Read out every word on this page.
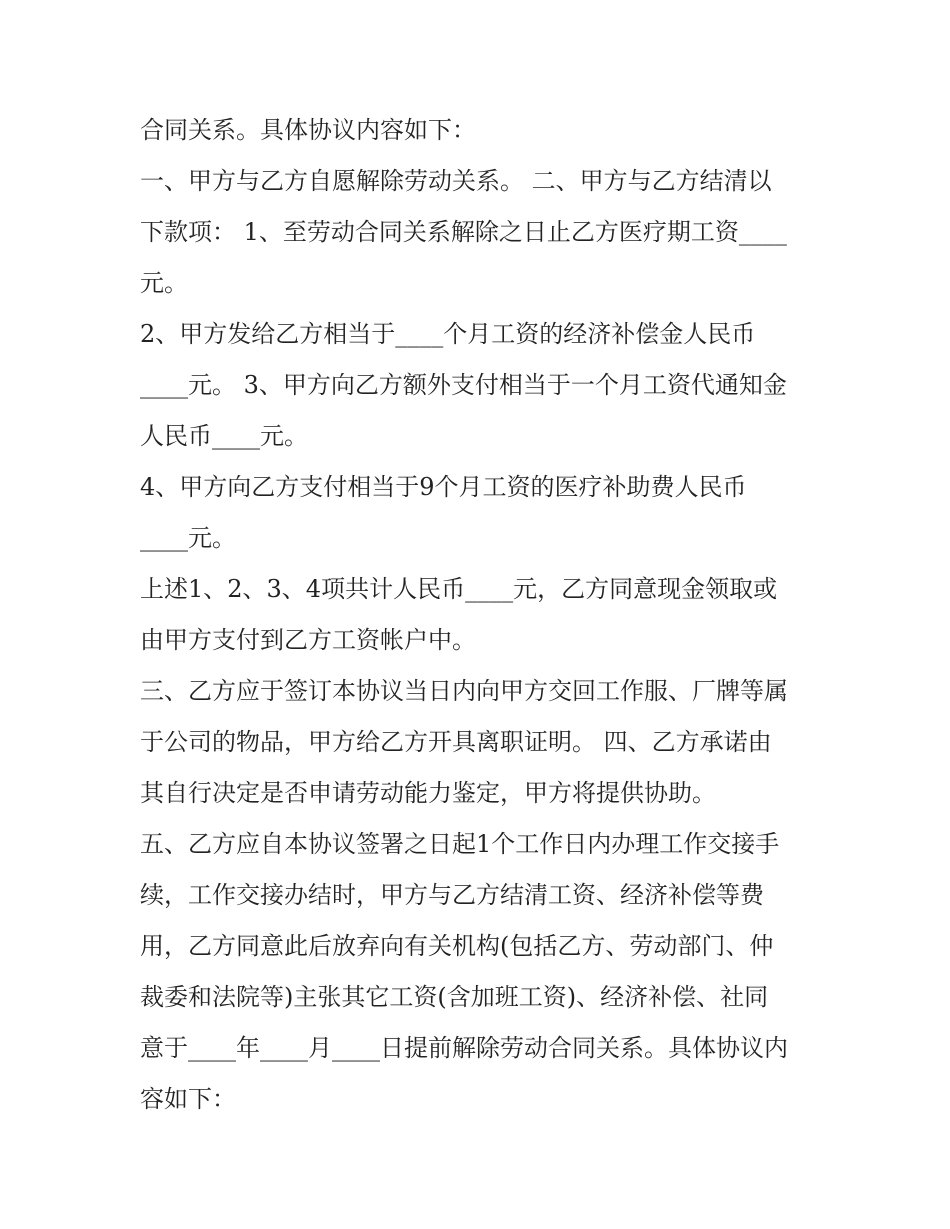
合同关系。具体协议内容如下：
一、甲方与乙方自愿解除劳动关系。 二、甲方与乙方结清以
下款项： 1、至劳动合同关系解除之日止乙方医疗期工资____
元。
2、甲方发给乙方相当于____个月工资的经济补偿金人民币
____元。 3、甲方向乙方额外支付相当于一个月工资代通知金
人民币____元。
4、甲方向乙方支付相当于9个月工资的医疗补助费人民币
____元。
上述1、2、3、4项共计人民币____元，乙方同意现金领取或
由甲方支付到乙方工资帐户中。
三、乙方应于签订本协议当日内向甲方交回工作服、厂牌等属
于公司的物品，甲方给乙方开具离职证明。 四、乙方承诺由
其自行决定是否申请劳动能力鉴定，甲方将提供协助。
五、乙方应自本协议签署之日起1个工作日内办理工作交接手
续，工作交接办结时，甲方与乙方结清工资、经济补偿等费
用，乙方同意此后放弃向有关机构(包括乙方、劳动部门、仲
裁委和法院等)主张其它工资(含加班工资)、经济补偿、社同
意于____年____月____日提前解除劳动合同关系。具体协议内
容如下：
